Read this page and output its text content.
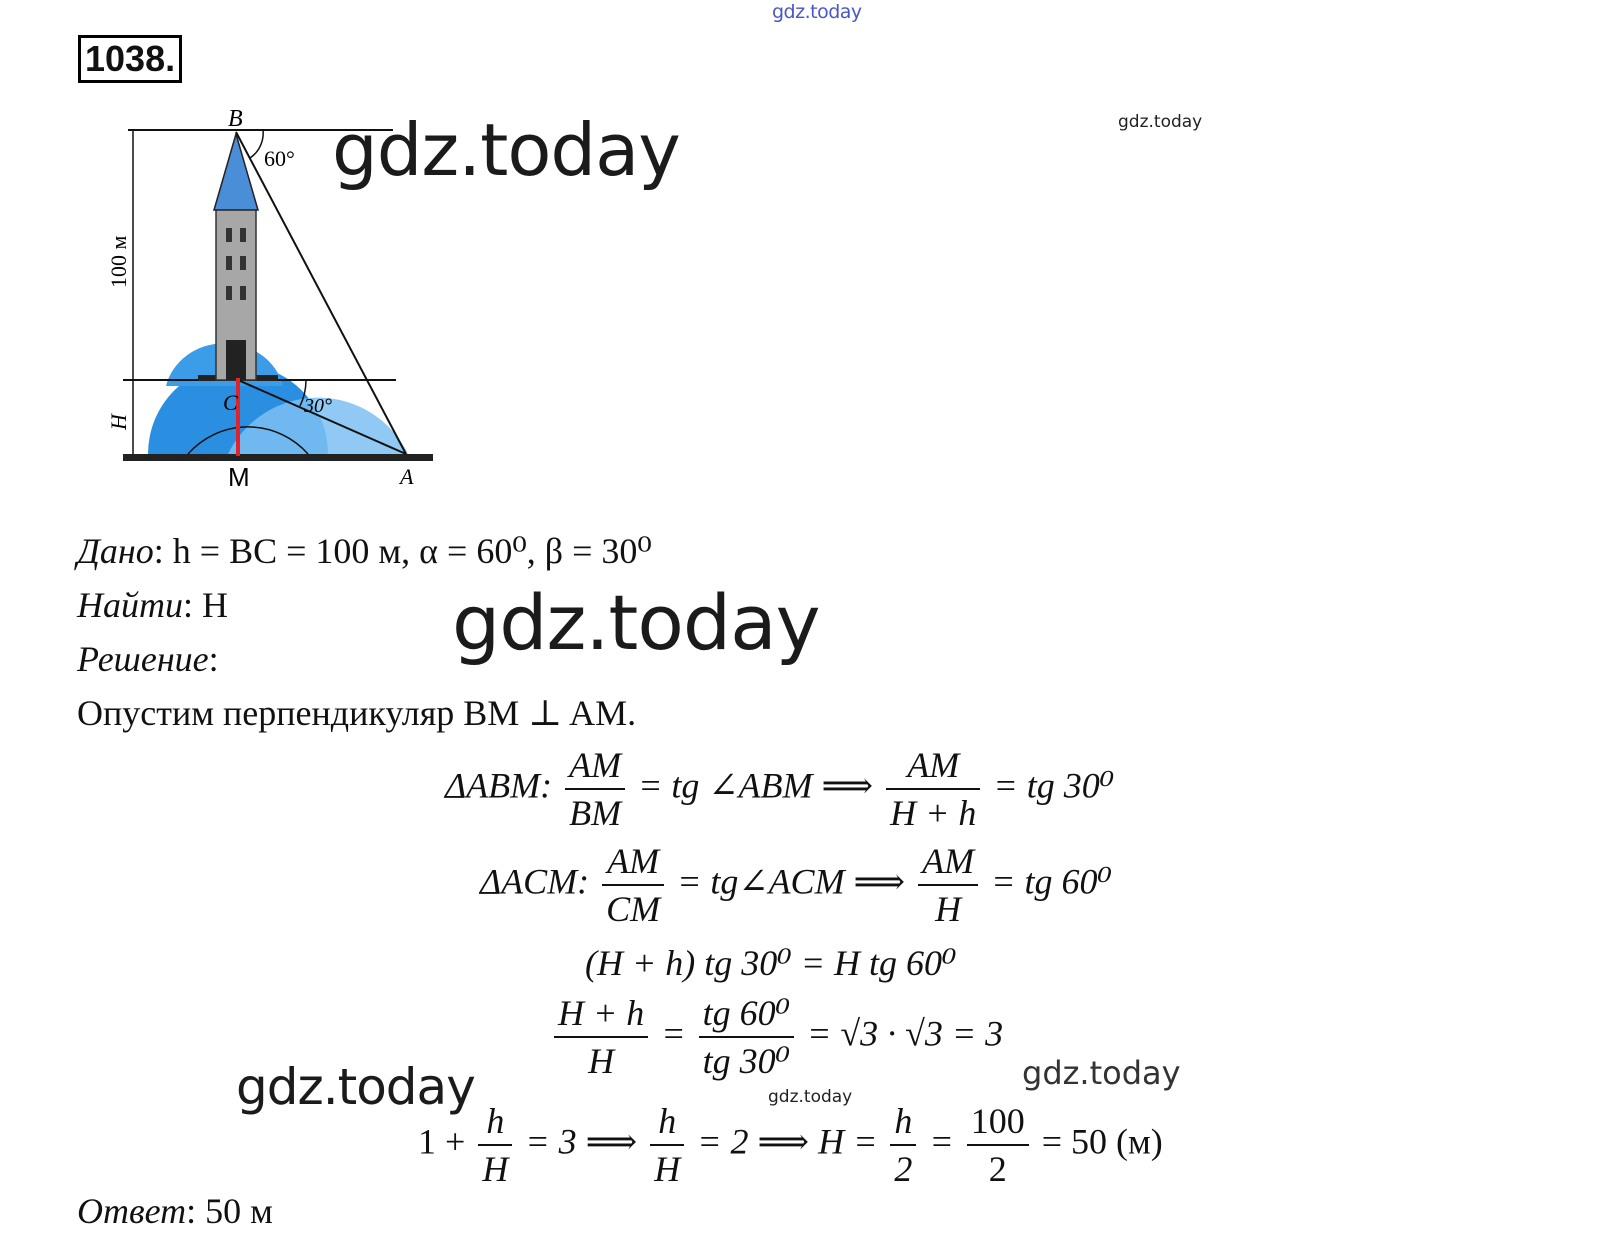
gdz.today
gdz.today
1038.
B
60°
30°
C
M	A
100 м
H
gdz.today
Дано: h = BC = 100 м, α = 60⁰, β = 30⁰
Найти: H
Решение:	gdz.today
Опустим перпендикуляр BM ⊥ AM.
ΔABM: $\frac{AM}{BM}$ = tg ∠ABM ⟹ $\frac{AM}{H + h}$ = tg 30⁰
ΔACM: $\frac{AM}{CM}$ = tg∠ACM ⟹ $\frac{AM}{H}$ = tg 60⁰
(H + h) tg 30⁰ = H tg 60⁰
$\frac{H + h}{H} = \frac{\text{tg 60⁰}}{\text{tg 30⁰}} = √3 \cdot √3 = 3$
gdz.today	gdz.today
gdz.today
$1 + \frac{h}{H} = 3$ ⟹ $\frac{h}{H} = 2$ ⟹ $H = \frac{h}{2} = \frac{100}{2} = 50$ (м)
Ответ: 50 м
